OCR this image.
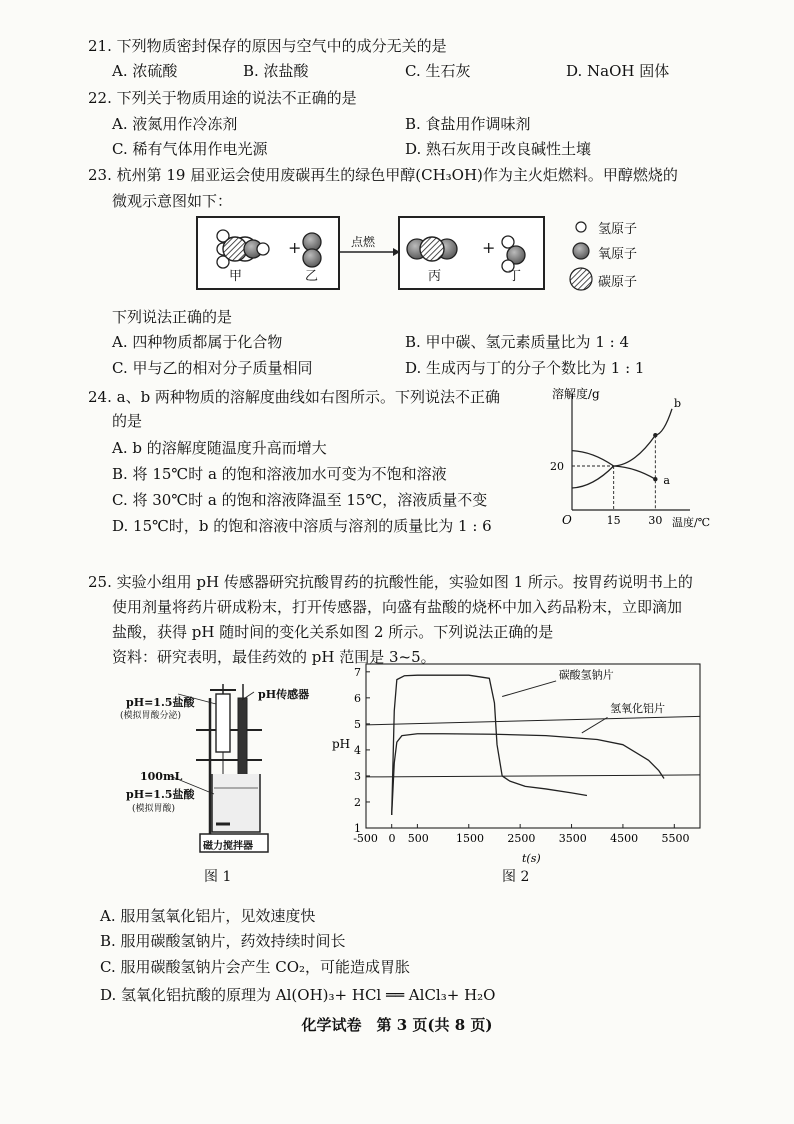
21. 下列物质密封保存的原因与空气中的成分无关的是
A. 浓硫酸	B. 浓盐酸	C. 生石灰	D. NaOH 固体
22. 下列关于物质用途的说法不正确的是
A. 液氮用作冷冻剂	B. 食盐用作调味剂
C. 稀有气体用作电光源	D. 熟石灰用于改良碱性土壤
23. 杭州第 19 届亚运会使用废碳再生的绿色甲醇(CH₃OH)作为主火炬燃料。甲醇燃烧的
微观示意图如下：
+	+
点燃
甲	乙	丙	丁
氢原子
氧原子
碳原子
下列说法正确的是
A. 四种物质都属于化合物	B. 甲中碳、氢元素质量比为 1 : 4
C. 甲与乙的相对分子质量相同	D. 生成丙与丁的分子个数比为 1 : 1
24. a、b 两种物质的溶解度曲线如右图所示。下列说法不正确
的是
A. b 的溶解度随温度升高而增大
B. 将 15℃时 a 的饱和溶液加水可变为不饱和溶液
C. 将 30℃时 a 的饱和溶液降温至 15℃，溶液质量不变
D. 15℃时，b 的饱和溶液中溶质与溶剂的质量比为 1 : 6	O	15	30
20
a
b
溶解度/g
温度/℃
25. 实验小组用 pH 传感器研究抗酸胃药的抗酸性能，实验如图 1 所示。按胃药说明书上的
使用剂量将药片研成粉末，打开传感器，向盛有盐酸的烧杯中加入药品粉末，立即滴加
盐酸，获得 pH 随时间的变化关系如图 2 所示。下列说法正确的是
资料：研究表明，最佳药效的 pH 范围是 3~5。
pH=1.5盐酸
(模拟胃酸分泌)
pH传感器
100mL
pH=1.5盐酸
(模拟胃酸)
磁力搅拌器
图 1
1
2
3
4
5
6
7
-500 0 500 1500 2500 3500 4500 5500
碳酸氢钠片
氢氧化铝片
pH
t(s)
图 2
A. 服用氢氧化铝片，见效速度快
B. 服用碳酸氢钠片，药效持续时间长
C. 服用碳酸氢钠片会产生 CO₂，可能造成胃胀
D. 氢氧化铝抗酸的原理为 Al(OH)₃+ HCl ══ AlCl₃+ H₂O
化学试卷　第 3 页(共 8 页)
